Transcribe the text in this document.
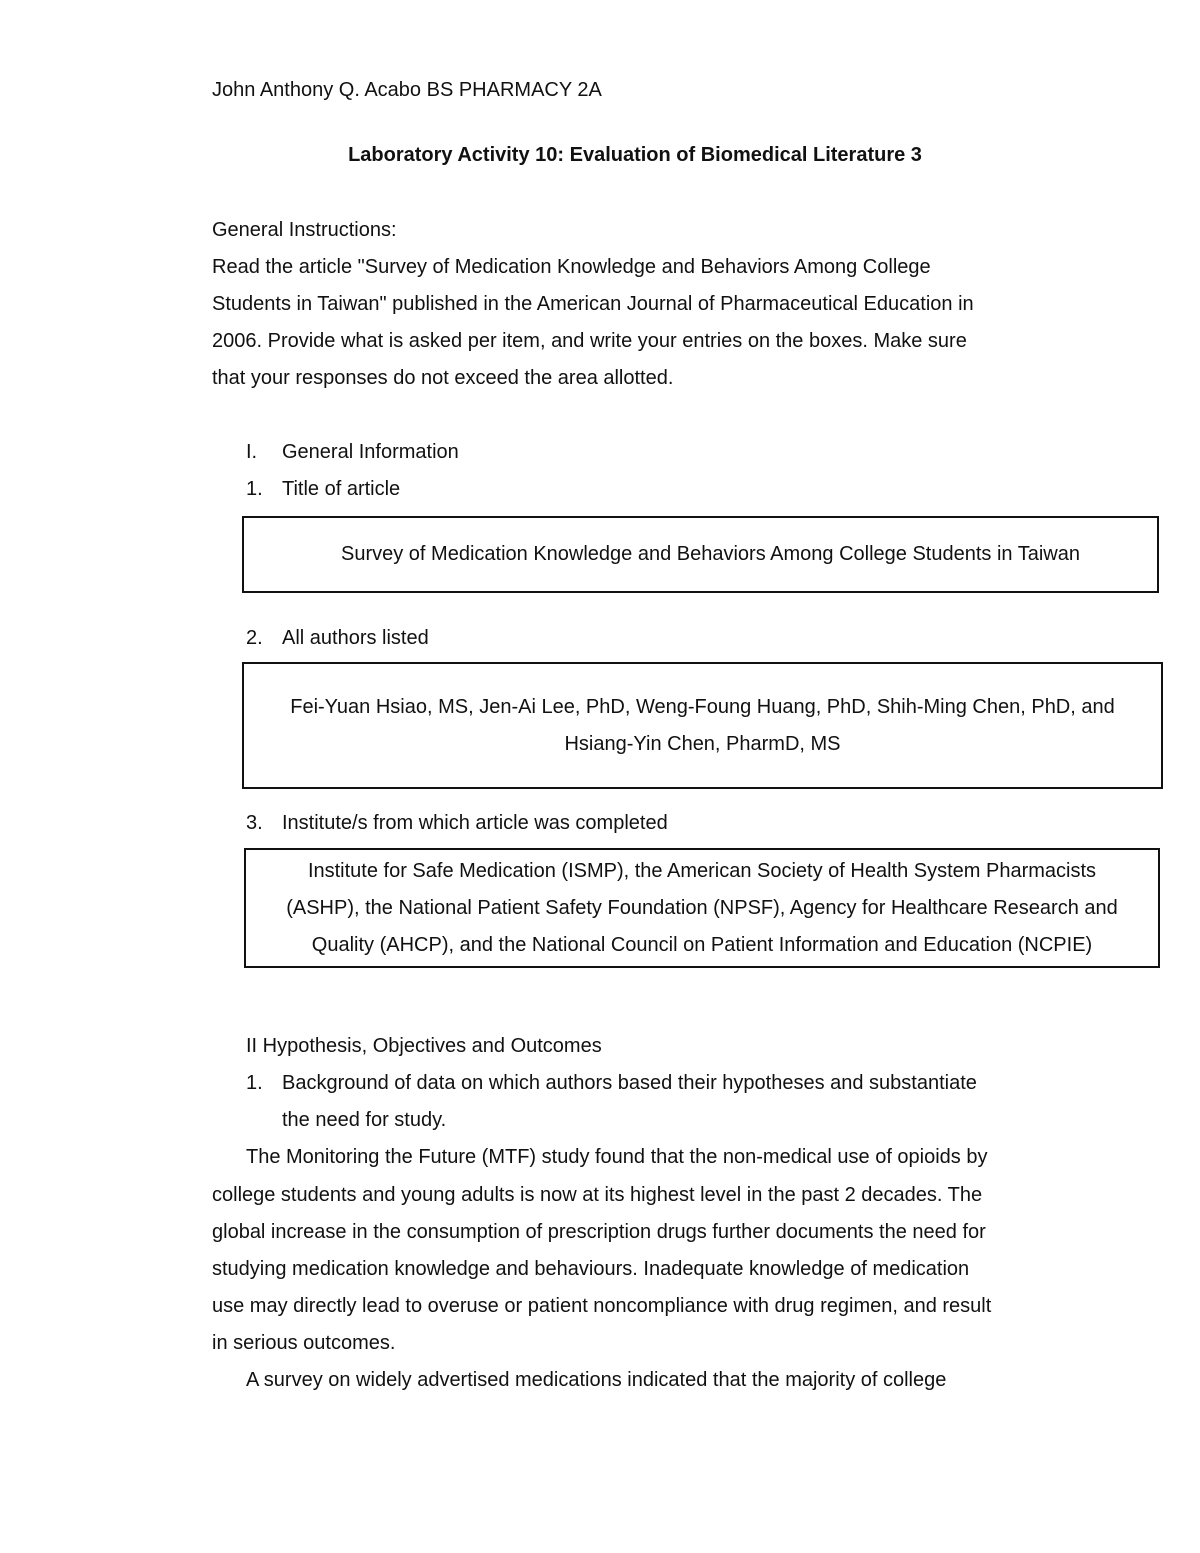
John Anthony Q. Acabo BS PHARMACY 2A
Laboratory Activity 10: Evaluation of Biomedical Literature 3
General Instructions:
Read the article "Survey of Medication Knowledge and Behaviors Among College
Students in Taiwan" published in the American Journal of Pharmaceutical Education in
2006. Provide what is asked per item, and write your entries on the boxes. Make sure
that your responses do not exceed the area allotted.
I. General Information
1. Title of article
Survey of Medication Knowledge and Behaviors Among College Students in Taiwan
2. All authors listed
Fei-Yuan Hsiao, MS, Jen-Ai Lee, PhD, Weng-Foung Huang, PhD, Shih-Ming Chen, PhD, and
Hsiang-Yin Chen, PharmD, MS
3. Institute/s from which article was completed
Institute for Safe Medication (ISMP), the American Society of Health System Pharmacists
(ASHP), the National Patient Safety Foundation (NPSF), Agency for Healthcare Research and
Quality (AHCP), and the National Council on Patient Information and Education (NCPIE)
II Hypothesis, Objectives and Outcomes
1. Background of data on which authors based their hypotheses and substantiate
the need for study.
The Monitoring the Future (MTF) study found that the non-medical use of opioids by
college students and young adults is now at its highest level in the past 2 decades. The
global increase in the consumption of prescription drugs further documents the need for
studying medication knowledge and behaviours. Inadequate knowledge of medication
use may directly lead to overuse or patient noncompliance with drug regimen, and result
in serious outcomes.
A survey on widely advertised medications indicated that the majority of college
